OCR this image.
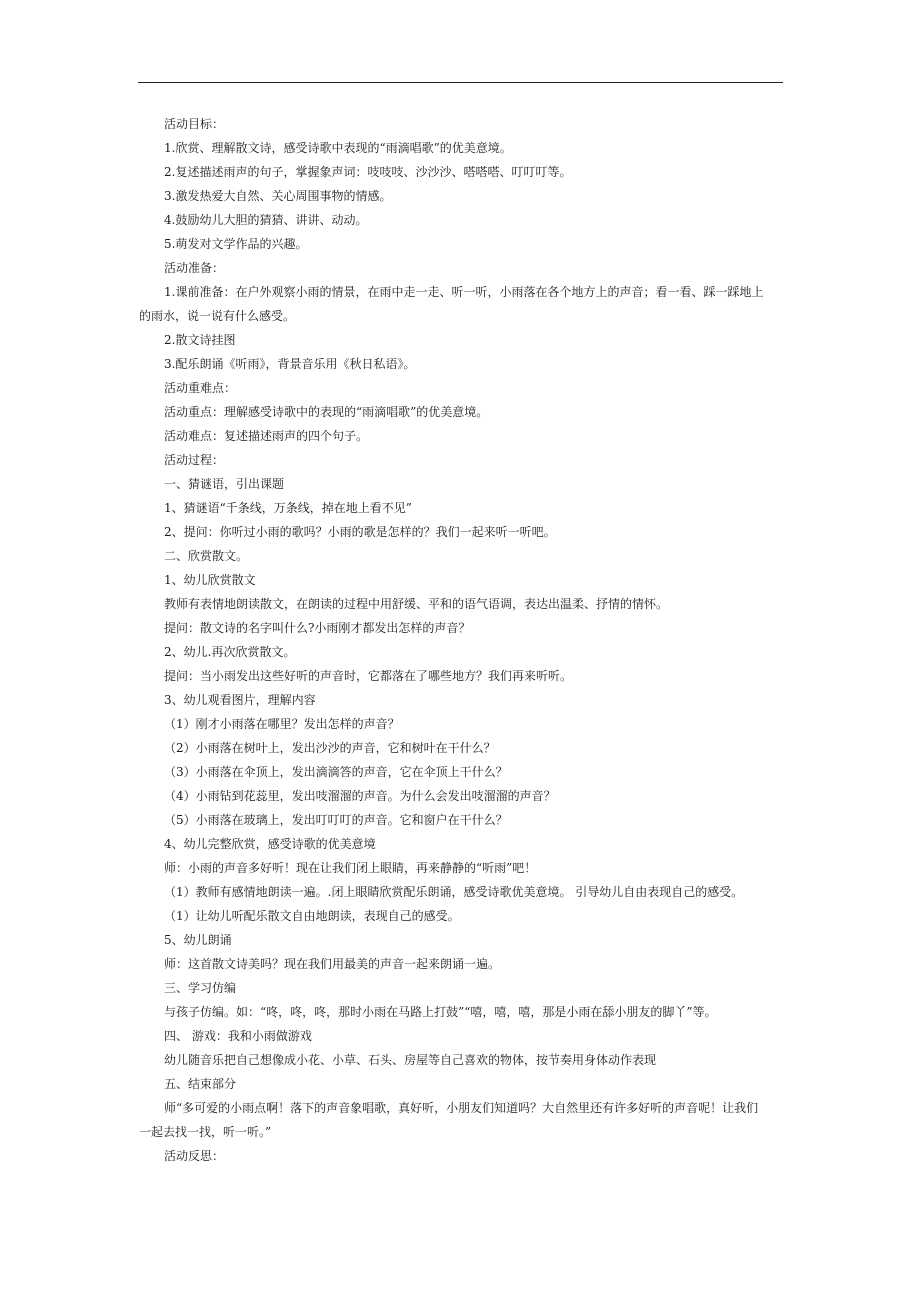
活动目标：
1.欣赏、理解散文诗，感受诗歌中表现的“雨滴唱歌”的优美意境。
2.复述描述雨声的句子，掌握象声词：吱吱吱、沙沙沙、嗒嗒嗒、叮叮叮等。
3.激发热爱大自然、关心周围事物的情感。
4.鼓励幼儿大胆的猜猜、讲讲、动动。
5.萌发对文学作品的兴趣。
活动准备：
1.课前准备：在户外观察小雨的情景，在雨中走一走、听一听，小雨落在各个地方上的声音；看一看、踩一踩地上
的雨水，说一说有什么感受。
2.散文诗挂图
3.配乐朗诵《听雨》，背景音乐用《秋日私语》。
活动重难点：
活动重点：理解感受诗歌中的表现的“雨滴唱歌”的优美意境。
活动难点：复述描述雨声的四个句子。
活动过程：
一、猜谜语，引出课题
1、猜谜语“千条线，万条线，掉在地上看不见”
2、提问：你听过小雨的歌吗？小雨的歌是怎样的？我们一起来听一听吧。
二、欣赏散文。
1、幼儿欣赏散文
教师有表情地朗读散文，在朗读的过程中用舒缓、平和的语气语调，表达出温柔、抒情的情怀。
提问：散文诗的名字叫什么?小雨刚才都发出怎样的声音？
2、幼儿.再次欣赏散文。
提问：当小雨发出这些好听的声音时，它都落在了哪些地方？我们再来听听。
3、幼儿观看图片，理解内容
（1）刚才小雨落在哪里？发出怎样的声音？
（2）小雨落在树叶上，发出沙沙的声音，它和树叶在干什么？
（3）小雨落在伞顶上，发出滴滴答的声音，它在伞顶上干什么？
（4）小雨钻到花蕊里，发出吱溜溜的声音。为什么会发出吱溜溜的声音？
（5）小雨落在玻璃上，发出叮叮叮的声音。它和窗户在干什么？
4、幼儿完整欣赏，感受诗歌的优美意境
师：小雨的声音多好听！现在让我们闭上眼睛，再来静静的“听雨”吧！
（1）教师有感情地朗读一遍。.闭上眼睛欣赏配乐朗诵，感受诗歌优美意境。 引导幼儿自由表现自己的感受。
（1）让幼儿听配乐散文自由地朗读，表现自己的感受。
5、幼儿朗诵
师：这首散文诗美吗？现在我们用最美的声音一起来朗诵一遍。
三、学习仿编
与孩子仿编。如：“咚，咚，咚，那时小雨在马路上打鼓”“嘻，嘻，嘻，那是小雨在舔小朋友的脚丫”等。
四、 游戏：我和小雨做游戏
幼儿随音乐把自己想像成小花、小草、石头、房屋等自己喜欢的物体，按节奏用身体动作表现
五、结束部分
师“多可爱的小雨点啊！落下的声音象唱歌，真好听，小朋友们知道吗？大自然里还有许多好听的声音呢！让我们
一起去找一找，听一听。”
活动反思：
